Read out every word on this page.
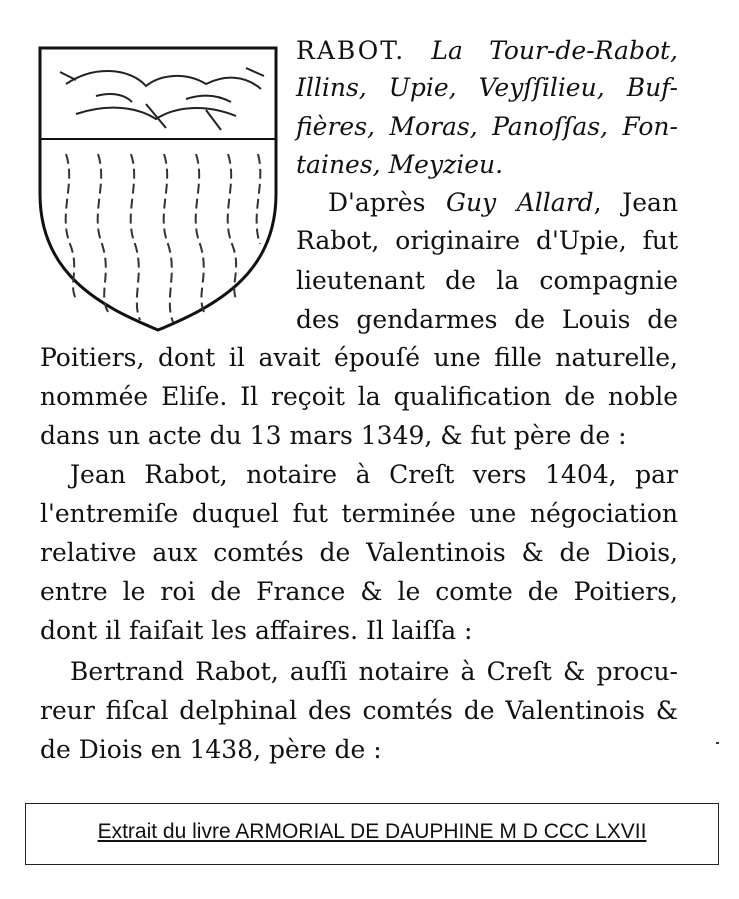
RABOT. La Tour-de-Rabot,
Illins, Upie, Veyſſilieu, Buf-
fières, Moras, Panoſſas, Fon-
taines, Meyzieu.
D'après Guy Allard, Jean
Rabot, originaire d'Upie, fut
lieutenant de la compagnie
des gendarmes de Louis de
Poitiers, dont il avait épouſé une fille naturelle,
nommée Eliſe. Il reçoit la qualification de noble
dans un acte du 13 mars 1349, & fut père de :
Jean Rabot, notaire à Creſt vers 1404, par
l'entremiſe duquel fut terminée une négociation
relative aux comtés de Valentinois & de Diois,
entre le roi de France & le comte de Poitiers,
dont il faiſait les affaires. Il laiſſa :
Bertrand Rabot, auſſi notaire à Creſt & procu-
reur fiſcal delphinal des comtés de Valentinois &
de Diois en 1438, père de :
Extrait du livre ARMORIAL DE DAUPHINE M D CCC LXVII
